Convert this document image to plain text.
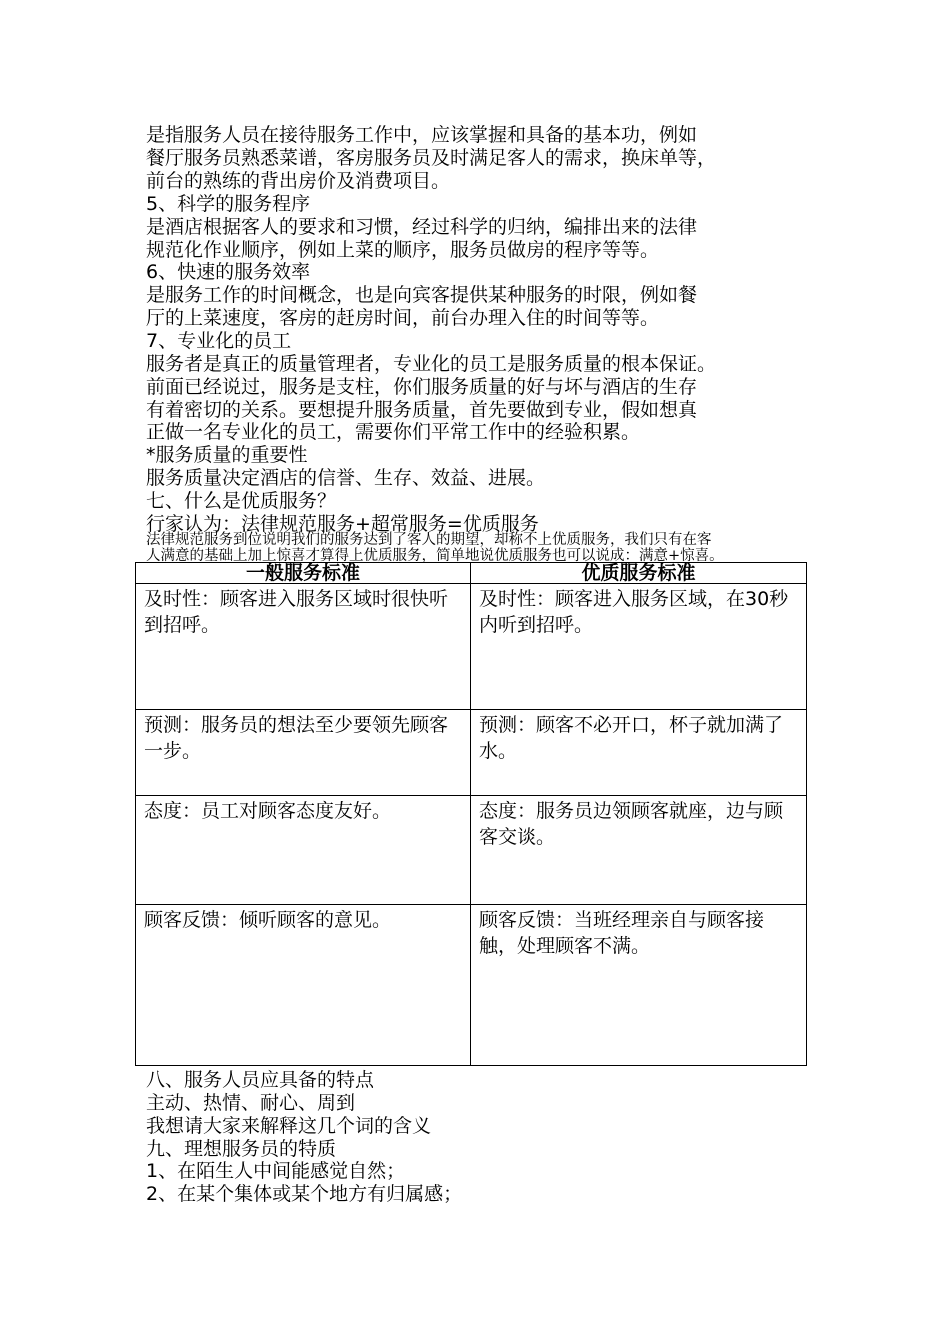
是指服务人员在接待服务工作中，应该掌握和具备的基本功，例如
餐厅服务员熟悉菜谱，客房服务员及时满足客人的需求，换床单等，
前台的熟练的背出房价及消费项目。
5、科学的服务程序
是酒店根据客人的要求和习惯，经过科学的归纳，编排出来的法律
规范化作业顺序，例如上菜的顺序，服务员做房的程序等等。
6、快速的服务效率
是服务工作的时间概念，也是向宾客提供某种服务的时限，例如餐
厅的上菜速度，客房的赶房时间，前台办理入住的时间等等。
7、专业化的员工
服务者是真正的质量管理者，专业化的员工是服务质量的根本保证。
前面已经说过，服务是支柱，你们服务质量的好与坏与酒店的生存
有着密切的关系。要想提升服务质量，首先要做到专业，假如想真
正做一名专业化的员工，需要你们平常工作中的经验积累。
*服务质量的重要性
服务质量决定酒店的信誉、生存、效益、进展。
七、什么是优质服务？
行家认为：法律规范服务+超常服务=优质服务
法律规范服务到位说明我们的服务达到了客人的期望，却称不上优质服务，我们只有在客
人满意的基础上加上惊喜才算得上优质服务，简单地说优质服务也可以说成：满意+惊喜。
一般服务标准	优质服务标准

及时性：顾客进入服务区域时很快听到招呼。	及时性：顾客进入服务区域，在30秒内听到招呼。

预测：服务员的想法至少要领先顾客一步。	预测：顾客不必开口，杯子就加满了水。

态度：员工对顾客态度友好。	态度：服务员边领顾客就座，边与顾客交谈。

顾客反馈：倾听顾客的意见。	顾客反馈：当班经理亲自与顾客接触，处理顾客不满。
八、服务人员应具备的特点
主动、热情、耐心、周到
我想请大家来解释这几个词的含义
九、理想服务员的特质
1、在陌生人中间能感觉自然；
2、在某个集体或某个地方有归属感；
